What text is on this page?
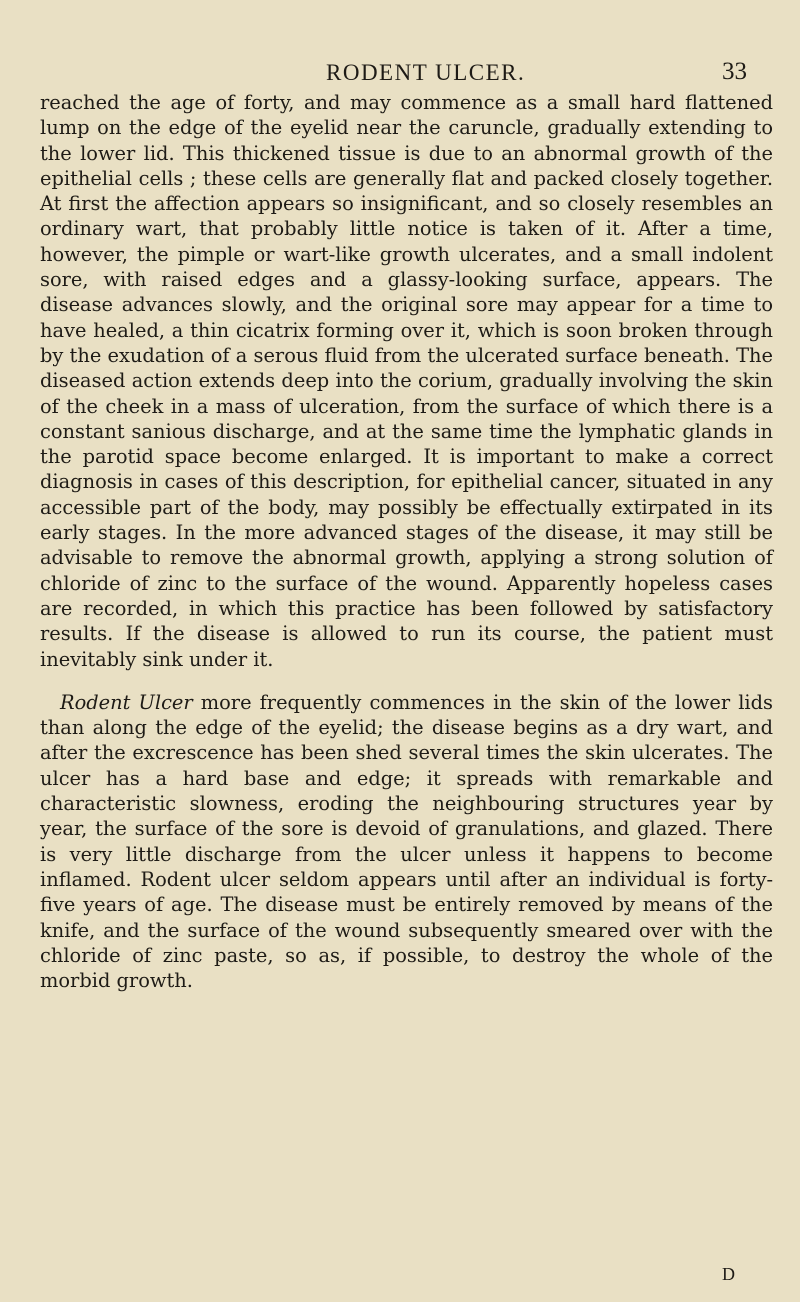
RODENT ULCER.	33

reached the age of forty, and may commence as a small hard flattened lump on the edge of the eyelid near the caruncle, gradually extending to the lower lid. This thickened tissue is due to an abnormal growth of the epithelial cells ; these cells are generally flat and packed closely together. At first the affection appears so insignificant, and so closely resembles an ordinary wart, that probably little notice is taken of it. After a time, however, the pimple or wart-like growth ulcerates, and a small indolent sore, with raised edges and a glassy-looking surface, appears. The disease advances slowly, and the original sore may appear for a time to have healed, a thin cicatrix forming over it, which is soon broken through by the exudation of a serous fluid from the ulcerated surface beneath. The diseased action extends deep into the corium, gradually involving the skin of the cheek in a mass of ulceration, from the surface of which there is a constant sanious discharge, and at the same time the lymphatic glands in the parotid space become enlarged. It is important to make a correct diagnosis in cases of this description, for epithelial cancer, situated in any accessible part of the body, may possibly be effectually extirpated in its early stages. In the more advanced stages of the disease, it may still be advisable to remove the abnormal growth, applying a strong solution of chloride of zinc to the surface of the wound. Apparently hopeless cases are recorded, in which this practice has been followed by satisfactory results. If the disease is allowed to run its course, the patient must inevitably sink under it.

Rodent Ulcer more frequently commences in the skin of the lower lids than along the edge of the eyelid; the disease begins as a dry wart, and after the excrescence has been shed several times the skin ulcerates. The ulcer has a hard base and edge; it spreads with remarkable and characteristic slowness, eroding the neighbouring structures year by year, the surface of the sore is devoid of granulations, and glazed. There is very little discharge from the ulcer unless it happens to become inflamed. Rodent ulcer seldom appears until after an individual is forty-five years of age. The disease must be entirely removed by means of the knife, and the surface of the wound subsequently smeared over with the chloride of zinc paste, so as, if possible, to destroy the whole of the morbid growth.

D
